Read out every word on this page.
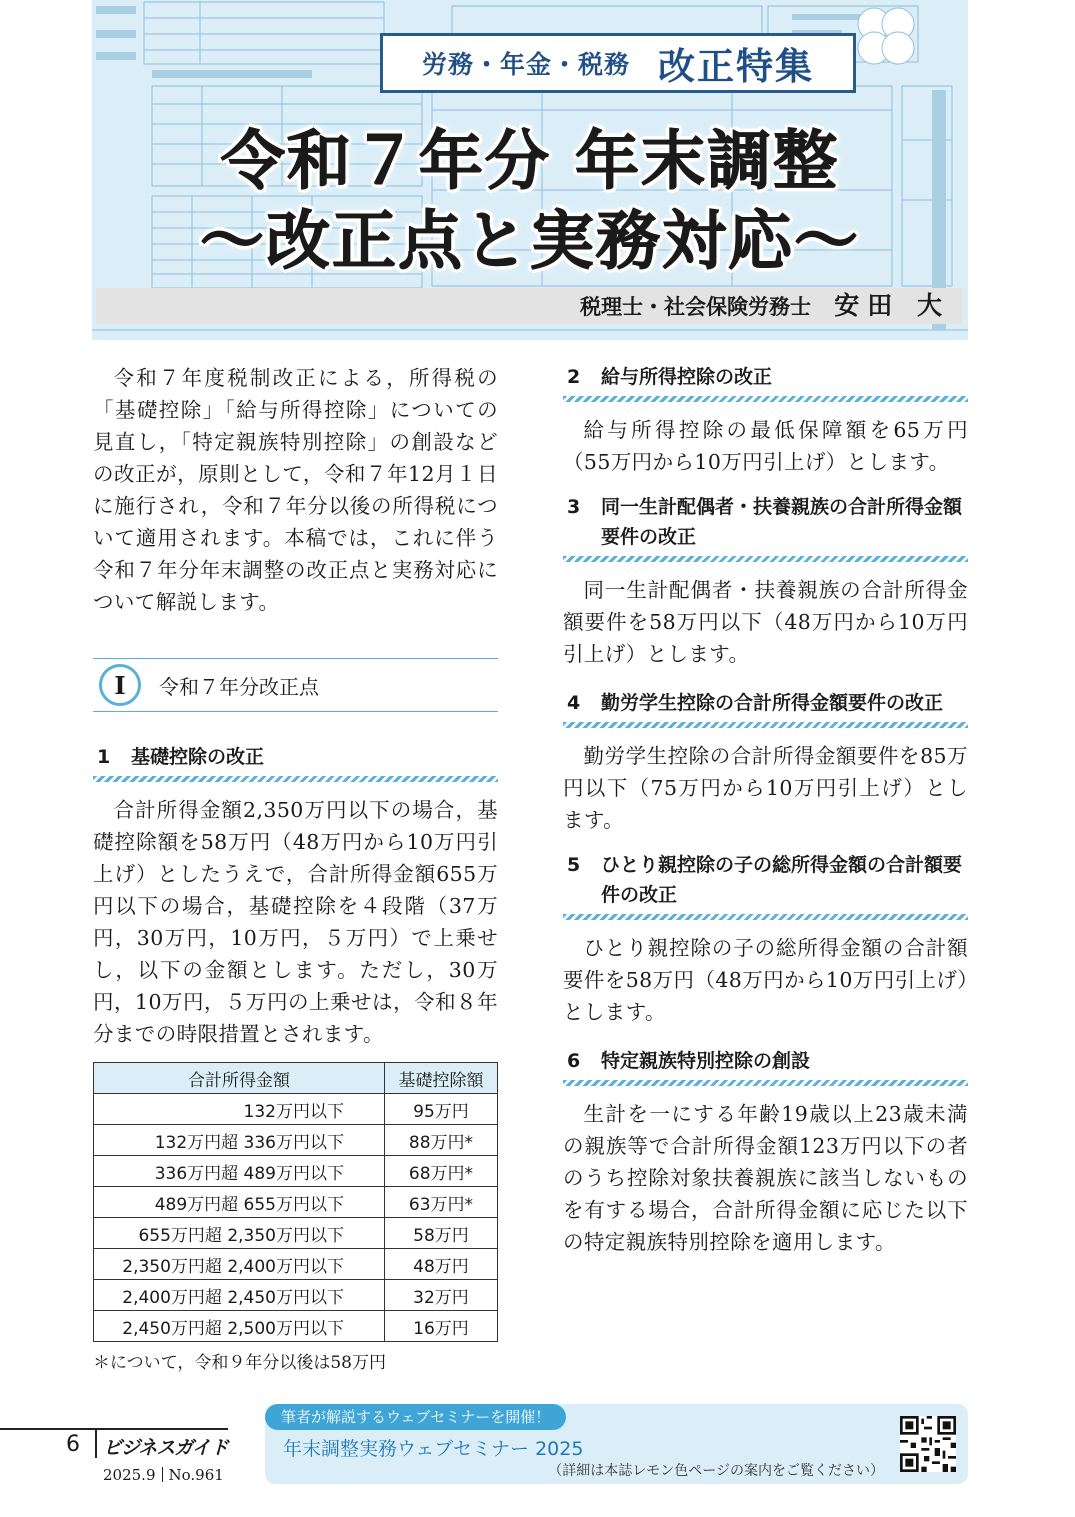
労務・年金・税務 改正特集
令和７年分 年末調整
〜改正点と実務対応〜
税理士・社会保険労務士 安田 大

令和７年度税制改正による，所得税の「基礎控除」「給与所得控除」についての見直し，「特定親族特別控除」の創設などの改正が，原則として，令和７年12月１日に施行され，令和７年分以後の所得税について適用されます。本稿では，これに伴う令和７年分年末調整の改正点と実務対応について解説します。

I	令和７年分改正点
1 基礎控除の改正

合計所得金額2,350万円以下の場合，基礎控除額を58万円（48万円から10万円引上げ）としたうえで，合計所得金額655万円以下の場合，基礎控除を４段階（37万円，30万円，10万円，５万円）で上乗せし，以下の金額とします。ただし，30万円，10万円，５万円の上乗せは，令和８年分までの時限措置とされます。

合計所得金額	基礎控除額
132万円以下	95万円
132万円超 336万円以下	88万円*
336万円超 489万円以下	68万円*
489万円超 655万円以下	63万円*
655万円超 2,350万円以下	58万円
2,350万円超 2,400万円以下	48万円
2,400万円超 2,450万円以下	32万円
2,450万円超 2,500万円以下	16万円

＊について，令和９年分以後は58万円

2 給与所得控除の改正

給与所得控除の最低保障額を65万円（55万円から10万円引上げ）とします。

3 同一生計配偶者・扶養親族の合計所得金額要件の改正

同一生計配偶者・扶養親族の合計所得金額要件を58万円以下（48万円から10万円引上げ）とします。

4 勤労学生控除の合計所得金額要件の改正

勤労学生控除の合計所得金額要件を85万円以下（75万円から10万円引上げ）とします。

5 ひとり親控除の子の総所得金額の合計額要件の改正

ひとり親控除の子の総所得金額の合計額要件を58万円（48万円から10万円引上げ）とします。

6 特定親族特別控除の創設

生計を一にする年齢19歳以上23歳未満の親族等で合計所得金額123万円以下の者のうち控除対象扶養親族に該当しないものを有する場合，合計所得金額に応じた以下の特定親族特別控除を適用します。

6 ビジネスガイド
2025.9 No.961
筆者が解説するウェブセミナーを開催！
年末調整実務ウェブセミナー 2025
（詳細は本誌レモン色ページの案内をご覧ください）
